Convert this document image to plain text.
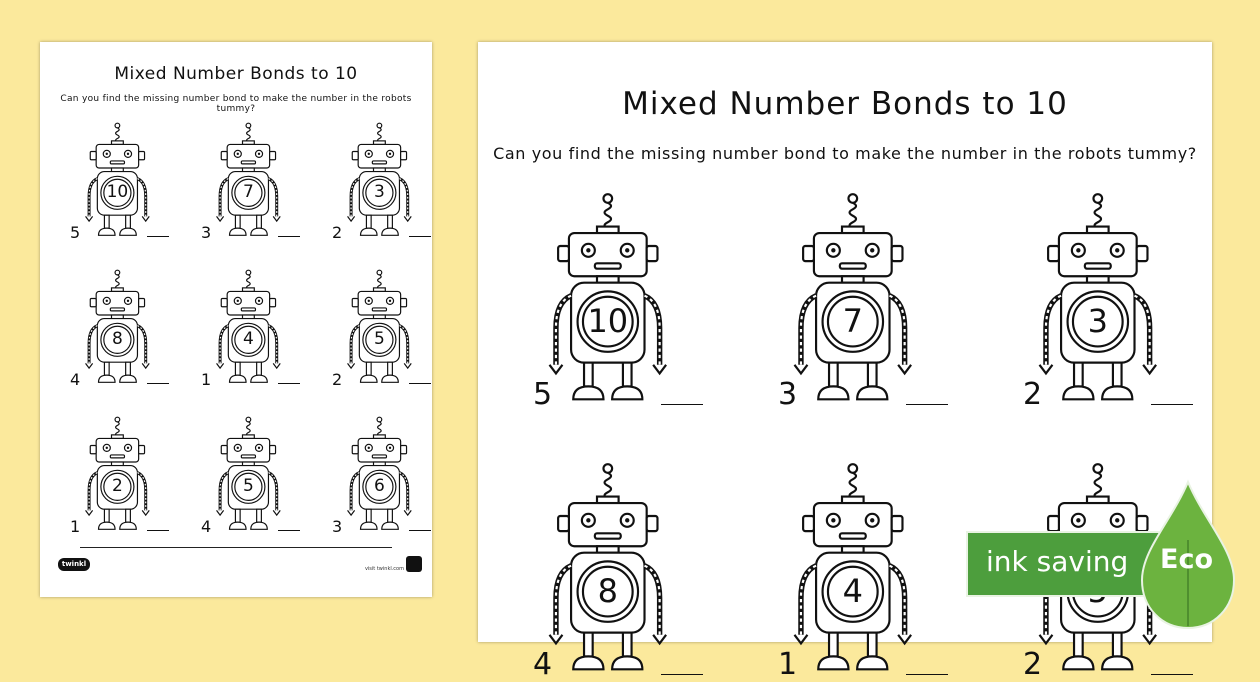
Mixed Number Bonds to 10
Can you find the missing number bond to make the number in the robots tummy?
10
5
7
3
3
2
8
4
4
1
5
2
2
1
5
4
6
3
twinkl
visit twinkl.com
Mixed Number Bonds to 10
Can you find the missing number bond to make the number in the robots tummy?
10
5
7
3
3
2
8
4
4
1	2
ink saving Eco
